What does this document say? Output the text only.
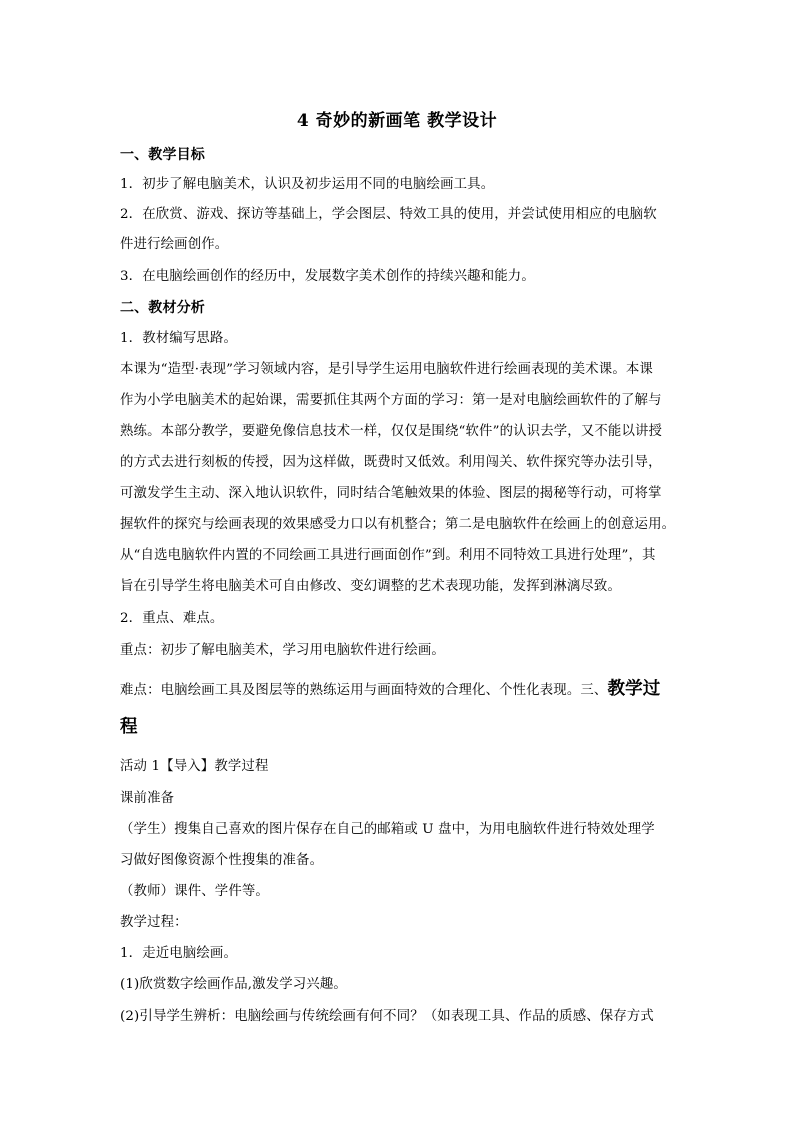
4 奇妙的新画笔 教学设计
一、教学目标
1．初步了解电脑美术，认识及初步运用不同的电脑绘画工具。
2．在欣赏、游戏、探访等基础上，学会图层、特效工具的使用，并尝试使用相应的电脑软
件进行绘画创作。
3．在电脑绘画创作的经历中，发展数字美术创作的持续兴趣和能力。
二、教材分析
1．教材编写思路。
本课为“造型·表现”学习领域内容，是引导学生运用电脑软件进行绘画表现的美术课。本课
作为小学电脑美术的起始课，需要抓住其两个方面的学习：第一是对电脑绘画软件的了解与
熟练。本部分教学，要避免像信息技术一样，仅仅是围绕“软件”的认识去学，又不能以讲授
的方式去进行刻板的传授，因为这样做，既费时又低效。利用闯关、软件探究等办法引导，
可激发学生主动、深入地认识软件，同时结合笔触效果的体验、图层的揭秘等行动，可将掌
握软件的探究与绘画表现的效果感受力口以有机整合；第二是电脑软件在绘画上的创意运用。
从“自选电脑软件内置的不同绘画工具进行画面创作”到。利用不同特效工具进行处理”，其
旨在引导学生将电脑美术可自由修改、变幻调整的艺术表现功能，发挥到淋漓尽致。
2．重点、难点。
重点：初步了解电脑美术，学习用电脑软件进行绘画。
难点：电脑绘画工具及图层等的熟练运用与画面特效的合理化、个性化表现。三、教学过
程
活动 1【导入】教学过程
课前准备
（学生）搜集自己喜欢的图片保存在自己的邮箱或 U 盘中，为用电脑软件进行特效处理学
习做好图像资源个性搜集的准备。
（教师）课件、学件等。
教学过程：
1．走近电脑绘画。
(1)欣赏数字绘画作品,激发学习兴趣。
(2)引导学生辨析：电脑绘画与传统绘画有何不同？（如表现工具、作品的质感、保存方式
